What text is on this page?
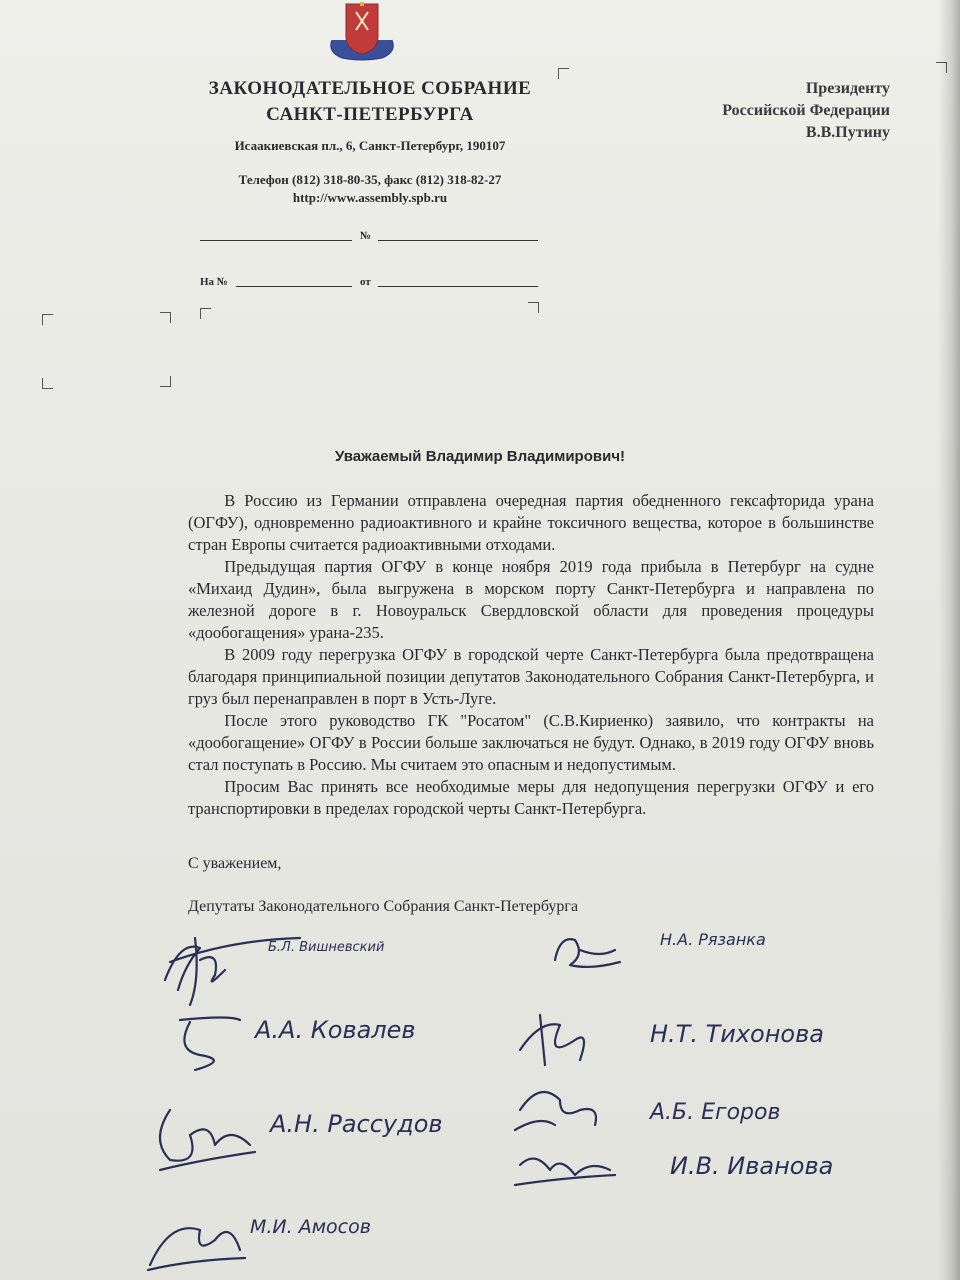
ЗАКОНОДАТЕЛЬНОЕ СОБРАНИЕ
САНКТ-ПЕТЕРБУРГА
Исаакиевская пл., 6, Санкт-Петербург, 190107
Телефон (812) 318-80-35, факс (812) 318-82-27
http://www.assembly.spb.ru
№
На №	от
Президенту
Российской Федерации
В.В.Путину
Уважаемый Владимир Владимирович!

В Россию из Германии отправлена очередная партия обедненного гексафторида урана (ОГФУ), одновременно радиоактивного и крайне токсичного вещества, которое в большинстве стран Европы считается радиоактивными отходами.

Предыдущая партия ОГФУ в конце ноября 2019 года прибыла в Петербург на судне «Михаид Дудин», была выгружена в морском порту Санкт-Петербурга и направлена по железной дороге в г. Новоуральск Свердловской области для проведения процедуры «дообогащения» урана-235.

В 2009 году перегрузка ОГФУ в городской черте Санкт-Петербурга была предотвращена благодаря принципиальной позиции депутатов Законодательного Собрания Санкт-Петербурга, и груз был перенаправлен в порт в Усть-Луге.

После этого руководство ГК "Росатом" (С.В.Кириенко) заявило, что контракты на «дообогащение» ОГФУ в России больше заключаться не будут. Однако, в 2019 году ОГФУ вновь стал поступать в Россию. Мы считаем это опасным и недопустимым.

Просим Вас принять все необходимые меры для недопущения перегрузки ОГФУ и его транспортировки в пределах городской черты Санкт-Петербурга.

С уважением,
Депутаты Законодательного Собрания Санкт-Петербурга
Б.Л. Вишневский	Н.А. Рязанка
А.А. Ковалев	Н.Т. Тихонова
А.Н. Рассудов	А.Б. Егоров
И.В. Иванова
М.И. Амосов
